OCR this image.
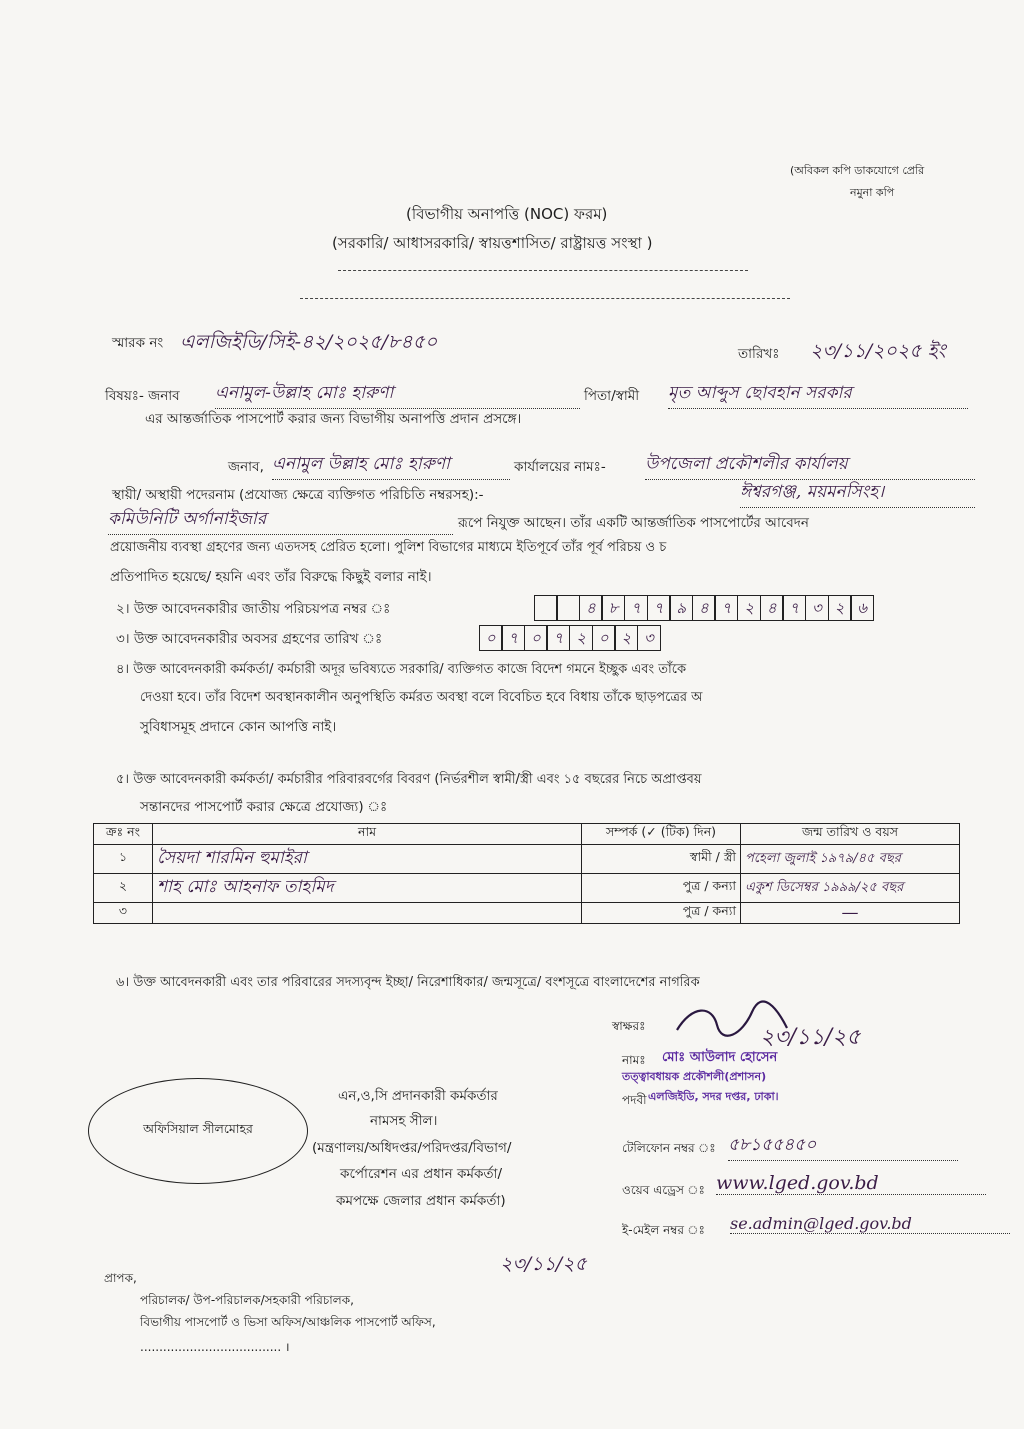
(অবিকল কপি ডাকযোগে প্রেরি
নমুনা কপি
(বিভাগীয় অনাপত্তি (NOC) ফরম)
(সরকারি/ আধাসরকারি/ স্বায়ত্তশাসিত/ রাষ্ট্রায়ত্ত সংস্থা )
স্মারক নং এলজিইডি/সিই-৪২/২০২৫/৮৪৫০
তারিখঃ ২৩/১১/২০২৫ ইং
বিষয়ঃ- জনাব এনামুল-উল্লাহ মোঃ হারুণা	পিতা/স্বামী মৃত আব্দুস ছোবহান সরকার
এর আন্তর্জাতিক পাসপোর্ট করার জন্য বিভাগীয় অনাপত্তি প্রদান প্রসঙ্গে।
জনাব, এনামুল উল্লাহ মোঃ হারুণা	কার্যালয়ের নামঃ- উপজেলা প্রকৌশলীর কার্যালয়
স্থায়ী/ অস্থায়ী পদেরনাম (প্রযোজ্য ক্ষেত্রে ব্যক্তিগত পরিচিতি নম্বরসহ):-	ঈশ্বরগঞ্জ, ময়মনসিংহ।
কমিউনিটি অর্গানাইজার	রূপে নিযুক্ত আছেন। তাঁর একটি আন্তর্জাতিক পাসপোর্টের আবেদন
প্রয়োজনীয় ব্যবস্থা গ্রহণের জন্য এতদসহ প্রেরিত হলো। পুলিশ বিভাগের মাধ্যমে ইতিপূর্বে তাঁর পূর্ব পরিচয় ও চ
প্রতিপাদিত হয়েছে/ হয়নি এবং তাঁর বিরুদ্ধে কিছুই বলার নাই।
২। উক্ত আবেদনকারীর জাতীয় পরিচয়পত্র নম্বর ঃ	৪ ৮ ৭ ৭ ৯ ৪ ৭ ২ ৪ ৭ ৩ ২ ৬
৩। উক্ত আবেদনকারীর অবসর গ্রহণের তারিখ ঃ	০ ৭ ০ ৭ ২ ০ ২ ৩
৪। উক্ত আবেদনকারী কর্মকর্তা/ কর্মচারী অদূর ভবিষ্যতে সরকারি/ ব্যক্তিগত কাজে বিদেশ গমনে ইচ্ছুক এবং তাঁকে
দেওয়া হবে। তাঁর বিদেশ অবস্থানকালীন অনুপস্থিতি কর্মরত অবস্থা বলে বিবেচিত হবে বিধায় তাঁকে ছাড়পত্রের অ
সুবিধাসমূহ প্রদানে কোন আপত্তি নাই।
৫। উক্ত আবেদনকারী কর্মকর্তা/ কর্মচারীর পরিবারবর্গের বিবরণ (নির্ভরশীল স্বামী/স্ত্রী এবং ১৫ বছরের নিচে অপ্রাপ্তবয়
সন্তানদের পাসপোর্ট করার ক্ষেত্রে প্রযোজ্য) ঃ
ক্রঃ নং	নাম	সম্পর্ক (✓ (টিক) দিন)	জন্ম তারিখ ও বয়স
১	সৈয়দা শারমিন হুমাইরা	স্বামী / স্ত্রী	পহেলা জুলাই ১৯৭৯/৪৫ বছর
২	শাহ মোঃ আহনাফ তাহমিদ	পুত্র / কন্যা	একুশ ডিসেম্বর ১৯৯৯/২৫ বছর
৩		পুত্র / কন্যা	—
৬। উক্ত আবেদনকারী এবং তার পরিবারের সদস্যবৃন্দ ইচ্ছা/ নিরেশাধিকার/ জন্মসূত্রে/ বংশসূত্রে বাংলাদেশের নাগরিক
স্বাক্ষরঃ	২৩/১১/২৫
নামঃ মোঃ আউলাদ হোসেন
তত্ত্বাবধায়ক প্রকৌশলী(প্রশাসন)
পদবী এলজিইডি, সদর দপ্তর, ঢাকা।
টেলিফোন নম্বর ঃ ৫৮১৫৫৪৫০
ওয়েব এড্রেস ঃ www.lged.gov.bd
ই-মেইল নম্বর ঃ se.admin@lged.gov.bd
অফিসিয়াল সীলমোহর
এন,ও,সি প্রদানকারী কর্মকর্তার
নামসহ সীল।
(মন্ত্রণালয়/অধিদপ্তর/পরিদপ্তর/বিভাগ/
কর্পোরেশন এর প্রধান কর্মকর্তা/
কমপক্ষে জেলার প্রধান কর্মকর্তা)
২৩/১১/২৫
প্রাপক,
পরিচালক/ উপ-পরিচালক/সহকারী পরিচালক,
বিভাগীয় পাসপোর্ট ও ভিসা অফিস/আঞ্চলিক পাসপোর্ট অফিস,
..................................... ।
